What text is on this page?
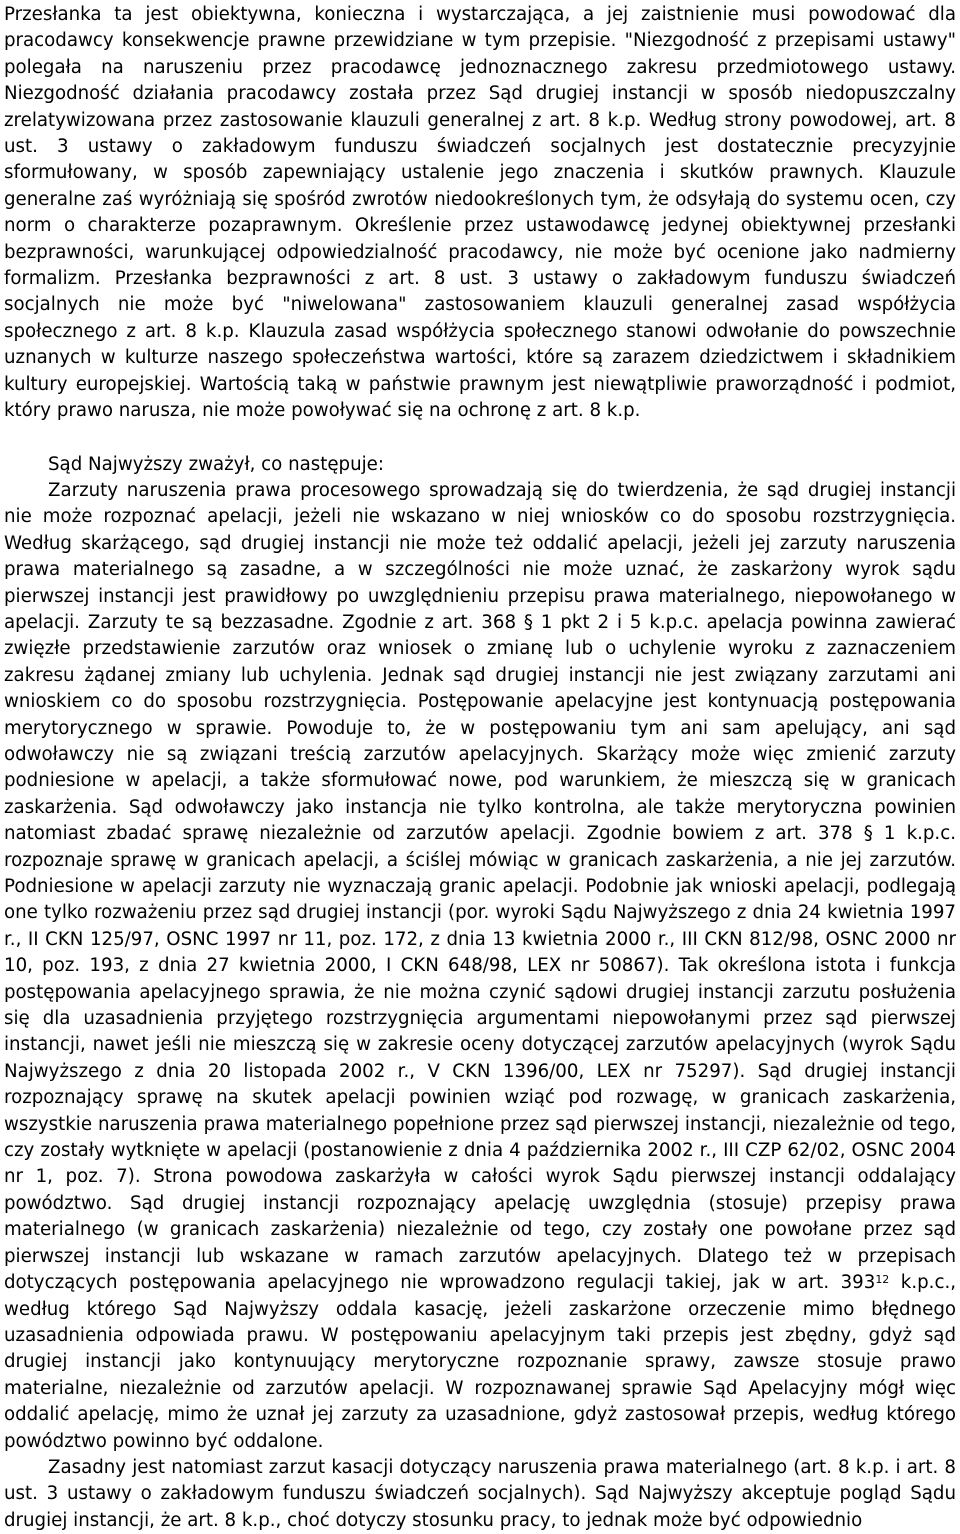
Przesłanka ta jest obiektywna, konieczna i wystarczająca, a jej zaistnienie musi powodować dla pracodawcy konsekwencje prawne przewidziane w tym przepisie. "Niezgodność z przepisami ustawy" polegała na naruszeniu przez pracodawcę jednoznacznego zakresu przedmiotowego ustawy. Niezgodność działania pracodawcy została przez Sąd drugiej instancji w sposób niedopuszczalny zrelatywizowana przez zastosowanie klauzuli generalnej z art. 8 k.p. Według strony powodowej, art. 8 ust. 3 ustawy o zakładowym funduszu świadczeń socjalnych jest dostatecznie precyzyjnie sformułowany, w sposób zapewniający ustalenie jego znaczenia i skutków prawnych. Klauzule generalne zaś wyróżniają się spośród zwrotów niedookreślonych tym, że odsyłają do systemu ocen, czy norm o charakterze pozaprawnym. Określenie przez ustawodawcę jedynej obiektywnej przesłanki bezprawności, warunkującej odpowiedzialność pracodawcy, nie może być ocenione jako nadmierny formalizm. Przesłanka bezprawności z art. 8 ust. 3 ustawy o zakładowym funduszu świadczeń socjalnych nie może być "niwelowana" zastosowaniem klauzuli generalnej zasad współżycia społecznego z art. 8 k.p. Klauzula zasad współżycia społecznego stanowi odwołanie do powszechnie uznanych w kulturze naszego społeczeństwa wartości, które są zarazem dziedzictwem i składnikiem kultury europejskiej. Wartością taką w państwie prawnym jest niewątpliwie praworządność i podmiot, który prawo narusza, nie może powoływać się na ochronę z art. 8 k.p.

Sąd Najwyższy zważył, co następuje:

Zarzuty naruszenia prawa procesowego sprowadzają się do twierdzenia, że sąd drugiej instancji nie może rozpoznać apelacji, jeżeli nie wskazano w niej wniosków co do sposobu rozstrzygnięcia. Według skarżącego, sąd drugiej instancji nie może też oddalić apelacji, jeżeli jej zarzuty naruszenia prawa materialnego są zasadne, a w szczególności nie może uznać, że zaskarżony wyrok sądu pierwszej instancji jest prawidłowy po uwzględnieniu przepisu prawa materialnego, niepowołanego w apelacji. Zarzuty te są bezzasadne. Zgodnie z art. 368 § 1 pkt 2 i 5 k.p.c. apelacja powinna zawierać zwięzłe przedstawienie zarzutów oraz wniosek o zmianę lub o uchylenie wyroku z zaznaczeniem zakresu żądanej zmiany lub uchylenia. Jednak sąd drugiej instancji nie jest związany zarzutami ani wnioskiem co do sposobu rozstrzygnięcia. Postępowanie apelacyjne jest kontynuacją postępowania merytorycznego w sprawie. Powoduje to, że w postępowaniu tym ani sam apelujący, ani sąd odwoławczy nie są związani treścią zarzutów apelacyjnych. Skarżący może więc zmienić zarzuty podniesione w apelacji, a także sformułować nowe, pod warunkiem, że mieszczą się w granicach zaskarżenia. Sąd odwoławczy jako instancja nie tylko kontrolna, ale także merytoryczna powinien natomiast zbadać sprawę niezależnie od zarzutów apelacji. Zgodnie bowiem z art. 378 § 1 k.p.c. rozpoznaje sprawę w granicach apelacji, a ściślej mówiąc w granicach zaskarżenia, a nie jej zarzutów. Podniesione w apelacji zarzuty nie wyznaczają granic apelacji. Podobnie jak wnioski apelacji, podlegają one tylko rozważeniu przez sąd drugiej instancji (por. wyroki Sądu Najwyższego z dnia 24 kwietnia 1997 r., II CKN 125/97, OSNC 1997 nr 11, poz. 172, z dnia 13 kwietnia 2000 r., III CKN 812/98, OSNC 2000 nr 10, poz. 193, z dnia 27 kwietnia 2000, I CKN 648/98, LEX nr 50867). Tak określona istota i funkcja postępowania apelacyjnego sprawia, że nie można czynić sądowi drugiej instancji zarzutu posłużenia się dla uzasadnienia przyjętego rozstrzygnięcia argumentami niepowołanymi przez sąd pierwszej instancji, nawet jeśli nie mieszczą się w zakresie oceny dotyczącej zarzutów apelacyjnych (wyrok Sądu Najwyższego z dnia 20 listopada 2002 r., V CKN 1396/00, LEX nr 75297). Sąd drugiej instancji rozpoznający sprawę na skutek apelacji powinien wziąć pod rozwagę, w granicach zaskarżenia, wszystkie naruszenia prawa materialnego popełnione przez sąd pierwszej instancji, niezależnie od tego, czy zostały wytknięte w apelacji (postanowienie z dnia 4 października 2002 r., III CZP 62/02, OSNC 2004 nr 1, poz. 7). Strona powodowa zaskarżyła w całości wyrok Sądu pierwszej instancji oddalający powództwo. Sąd drugiej instancji rozpoznający apelację uwzględnia (stosuje) przepisy prawa materialnego (w granicach zaskarżenia) niezależnie od tego, czy zostały one powołane przez sąd pierwszej instancji lub wskazane w ramach zarzutów apelacyjnych. Dlatego też w przepisach dotyczących postępowania apelacyjnego nie wprowadzono regulacji takiej, jak w art. $393^{12}$ k.p.c., według którego Sąd Najwyższy oddala kasację, jeżeli zaskarżone orzeczenie mimo błędnego uzasadnienia odpowiada prawu. W postępowaniu apelacyjnym taki przepis jest zbędny, gdyż sąd drugiej instancji jako kontynuujący merytoryczne rozpoznanie sprawy, zawsze stosuje prawo materialne, niezależnie od zarzutów apelacji. W rozpoznawanej sprawie Sąd Apelacyjny mógł więc oddalić apelację, mimo że uznał jej zarzuty za uzasadnione, gdyż zastosował przepis, według którego powództwo powinno być oddalone.

Zasadny jest natomiast zarzut kasacji dotyczący naruszenia prawa materialnego (art. 8 k.p. i art. 8 ust. 3 ustawy o zakładowym funduszu świadczeń socjalnych). Sąd Najwyższy akceptuje pogląd Sądu drugiej instancji, że art. 8 k.p., choć dotyczy stosunku pracy, to jednak może być odpowiednio
